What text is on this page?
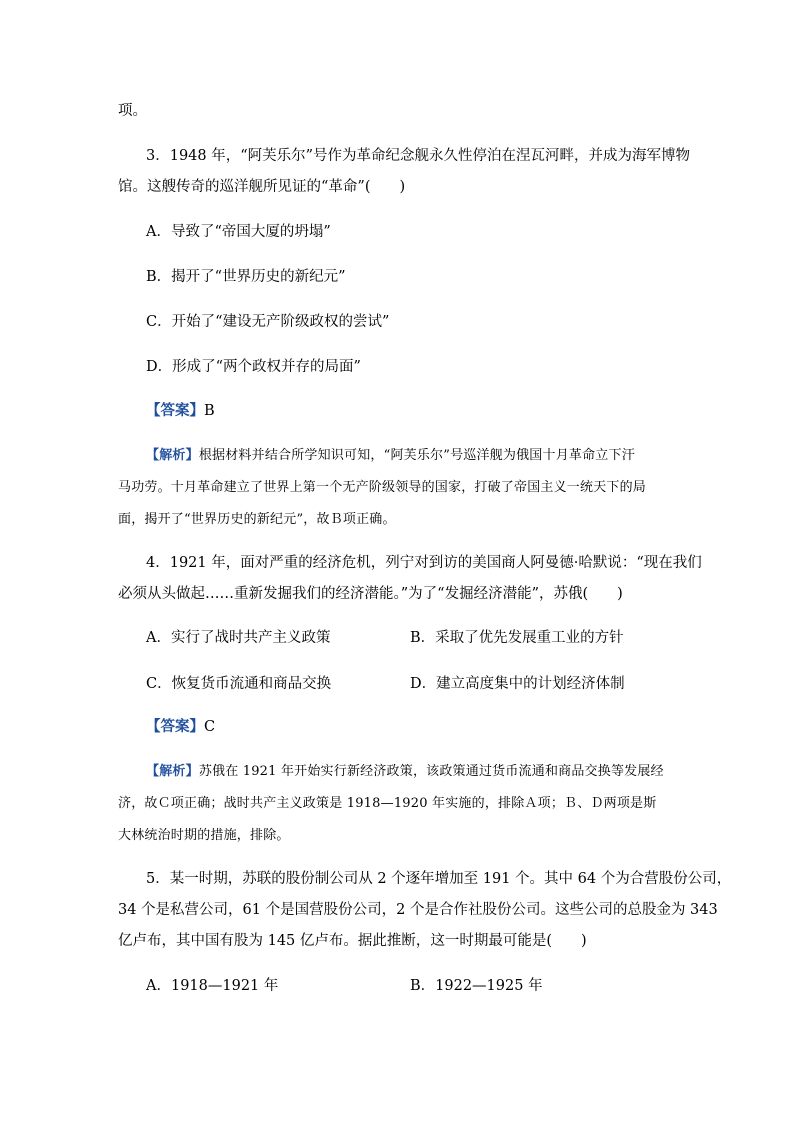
项。
3．1948 年，“阿芙乐尔”号作为革命纪念舰永久性停泊在涅瓦河畔，并成为海军博物
馆。这艘传奇的巡洋舰所见证的“革命”(　　)
A．导致了“帝国大厦的坍塌”
B．揭开了“世界历史的新纪元”
C．开始了“建设无产阶级政权的尝试”
D．形成了“两个政权并存的局面”
【答案】B
【解析】根据材料并结合所学知识可知，“阿芙乐尔”号巡洋舰为俄国十月革命立下汗
马功劳。十月革命建立了世界上第一个无产阶级领导的国家，打破了帝国主义一统天下的局
面，揭开了“世界历史的新纪元”，故Ｂ项正确。
4．1921 年，面对严重的经济危机，列宁对到访的美国商人阿曼德·哈默说：“现在我们
必须从头做起……重新发掘我们的经济潜能。”为了“发掘经济潜能”，苏俄(　　)
A．实行了战时共产主义政策	B．采取了优先发展重工业的方针
C．恢复货币流通和商品交换	D．建立高度集中的计划经济体制
【答案】C
【解析】苏俄在 1921 年开始实行新经济政策，该政策通过货币流通和商品交换等发展经
济，故Ｃ项正确；战时共产主义政策是 1918—1920 年实施的，排除Ａ项；Ｂ、Ｄ两项是斯
大林统治时期的措施，排除。
5．某一时期，苏联的股份制公司从 2 个逐年增加至 191 个。其中 64 个为合营股份公司，
34 个是私营公司，61 个是国营股份公司，2 个是合作社股份公司。这些公司的总股金为 343
亿卢布，其中国有股为 145 亿卢布。据此推断，这一时期最可能是(　　)
A．1918—1921 年	B．1922—1925 年
